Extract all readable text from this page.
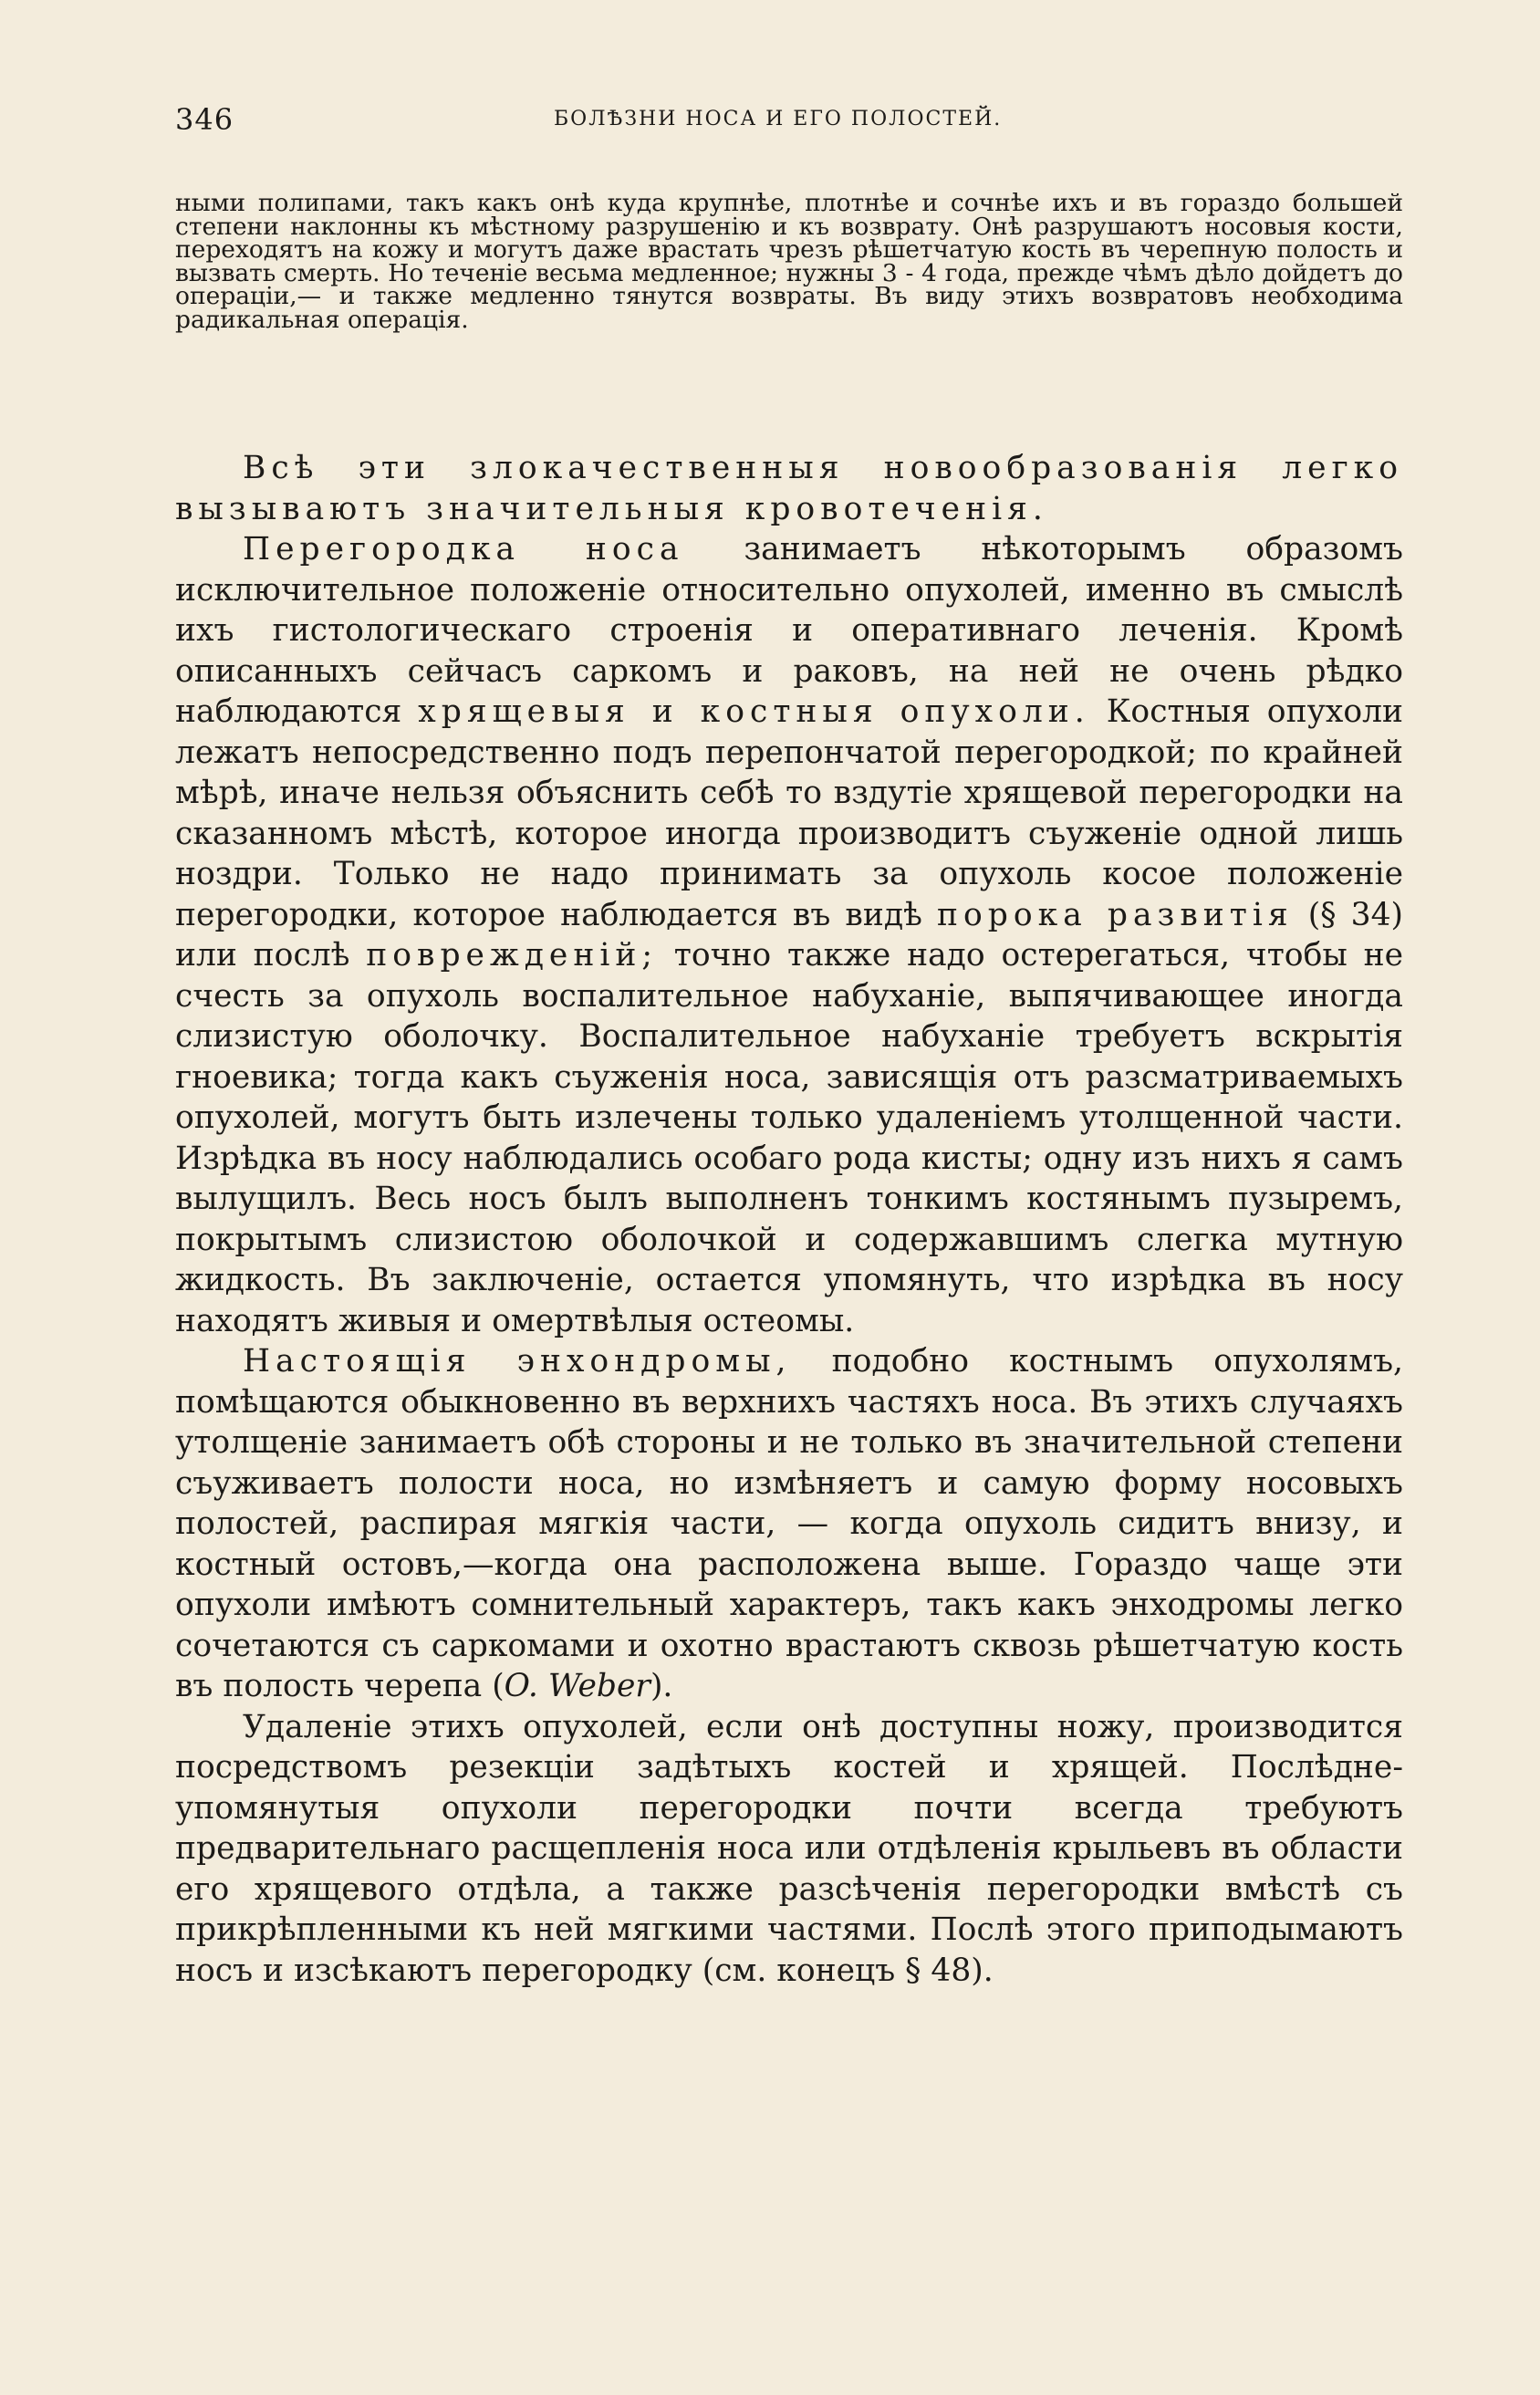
346	БОЛѢЗНИ НОСА И ЕГО ПОЛОСТЕЙ.

ными полипами, такъ какъ онѣ куда крупнѣе, плотнѣе и сочнѣе ихъ и въ гораздо большей степени наклонны къ мѣстному разрушенію и къ возврату. Онѣ разрушаютъ носовыя кости, переходятъ на кожу и могутъ даже врастать чрезъ рѣшетчатую кость въ черепную полость и вызвать смерть. Но теченіе весьма медленное; нужны 3 - 4 года, прежде чѣмъ дѣло дойдетъ до операціи,— и также медленно тянутся возвраты. Въ виду этихъ возвратовъ необходима радикальная операція.

Всѣ эти злокачественныя новообразованія легко вызываютъ значительныя кровотеченія.

Перегородка носа занимаетъ нѣкоторымъ образомъ исключительное положеніе относительно опухолей, именно въ смыслѣ ихъ гистологическаго строенія и оперативнаго леченія. Кромѣ описанныхъ сейчасъ саркомъ и раковъ, на ней не очень рѣдко наблюдаются хрящевыя и костныя опухоли. Костныя опухоли лежатъ непосредственно подъ перепончатой перегородкой; по крайней мѣрѣ, иначе нельзя объяснить себѣ то вздутіе хрящевой перегородки на сказанномъ мѣстѣ, которое иногда производитъ съуженіе одной лишь ноздри. Только не надо принимать за опухоль косое положеніе перегородки, которое наблюдается въ видѣ порока развитія (§ 34) или послѣ поврежденій; точно также надо остерегаться, чтобы не счесть за опухоль воспалительное набуханіе, выпячивающее иногда слизистую оболочку. Воспалительное набуханіе требуетъ вскрытія гноевика; тогда какъ съуженія носа, зависящія отъ разсматриваемыхъ опухолей, могутъ быть излечены только удаленіемъ утолщенной части. Изрѣдка въ носу наблюдались особаго рода кисты; одну изъ нихъ я самъ вылущилъ. Весь носъ былъ выполненъ тонкимъ костянымъ пузыремъ, покрытымъ слизистою оболочкой и содержавшимъ слегка мутную жидкость. Въ заключеніе, остается упомянуть, что изрѣдка въ носу находятъ живыя и омертвѣлыя остеомы.

Настоящія энхондромы, подобно костнымъ опухолямъ, помѣщаются обыкновенно въ верхнихъ частяхъ носа. Въ этихъ случаяхъ утолщеніе занимаетъ обѣ стороны и не только въ значительной степени съуживаетъ полости носа, но измѣняетъ и самую форму носовыхъ полостей, распирая мягкія части, — когда опухоль сидитъ внизу, и костный остовъ,—когда она расположена выше. Гораздо чаще эти опухоли имѣютъ сомнительный характеръ, такъ какъ энходромы легко сочетаются съ саркомами и охотно врастаютъ сквозь рѣшетчатую кость въ полость черепа (O. Weber).

Удаленіе этихъ опухолей, если онѣ доступны ножу, производится посредствомъ резекціи задѣтыхъ костей и хрящей. Послѣдне-упомянутыя опухоли перегородки почти всегда требуютъ предварительнаго расщепленія носа или отдѣленія крыльевъ въ области его хрящевого отдѣла, а также разсѣченія перегородки вмѣстѣ съ прикрѣпленными къ ней мягкими частями. Послѣ этого приподымаютъ носъ и изсѣкаютъ перегородку (см. конецъ § 48).
